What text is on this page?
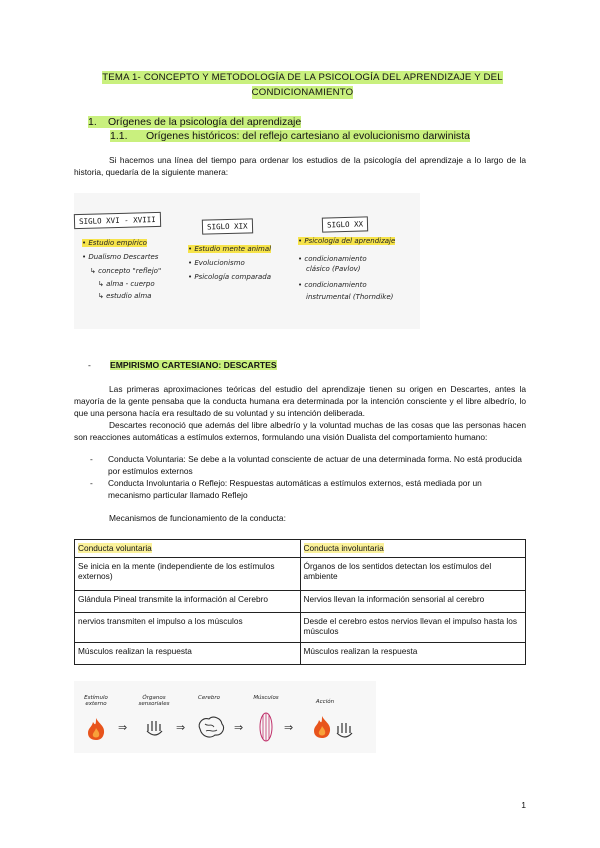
TEMA 1- CONCEPTO Y METODOLOGÍA DE LA PSICOLOGÍA DEL APRENDIZAJE Y DEL CONDICIONAMIENTO
1. Orígenes de la psicología del aprendizaje
1.1. Orígenes históricos: del reflejo cartesiano al evolucionismo darwinista
Si hacemos una línea del tiempo para ordenar los estudios de la psicología del aprendizaje a lo largo de la historia, quedaría de la siguiente manera:
SIGLO XVI - XVIII
• Estudio empírico
• Dualismo Descartes
↳ concepto "reflejo"
↳ alma - cuerpo
↳ estudio alma
SIGLO XIX
• Estudio mente animal
• Evolucionismo
• Psicología comparada
SIGLO XX
• Psicología del aprendizaje
• condicionamiento
clásico (Pavlov)
• condicionamiento
instrumental (Thorndike)
- EMPIRISMO CARTESIANO: DESCARTES
Las primeras aproximaciones teóricas del estudio del aprendizaje tienen su origen en Descartes, antes la mayoría de la gente pensaba que la conducta humana era determinada por la intención consciente y el libre albedrío, lo que una persona hacía era resultado de su voluntad y su intención deliberada.
Descartes reconoció que además del libre albedrío y la voluntad muchas de las cosas que las personas hacen son reacciones automáticas a estímulos externos, formulando una visión Dualista del comportamiento humano:
-	Conducta Voluntaria: Se debe a la voluntad consciente de actuar de una determinada forma. No está producida por estímulos externos
-	Conducta Involuntaria o Reflejo: Respuestas automáticas a estímulos externos, está mediada por un mecanismo particular llamado Reflejo
Mecanismos de funcionamiento de la conducta:
Conducta voluntaria	Conducta involuntaria
Se inicia en la mente (independiente de los estímulos externos)	Órganos de los sentidos detectan los estímulos del ambiente
Glándula Pineal transmite la información al Cerebro	Nervios llevan la información sensorial al cerebro
nervios transmiten el impulso a los músculos	Desde el cerebro estos nervios llevan el impulso hasta los músculos
Músculos realizan la respuesta	Músculos realizan la respuesta
Estímulo externo
⇒
Órganos sensoriales
⇒
Cerebro
⇒
Músculos
⇒
Acción
1
